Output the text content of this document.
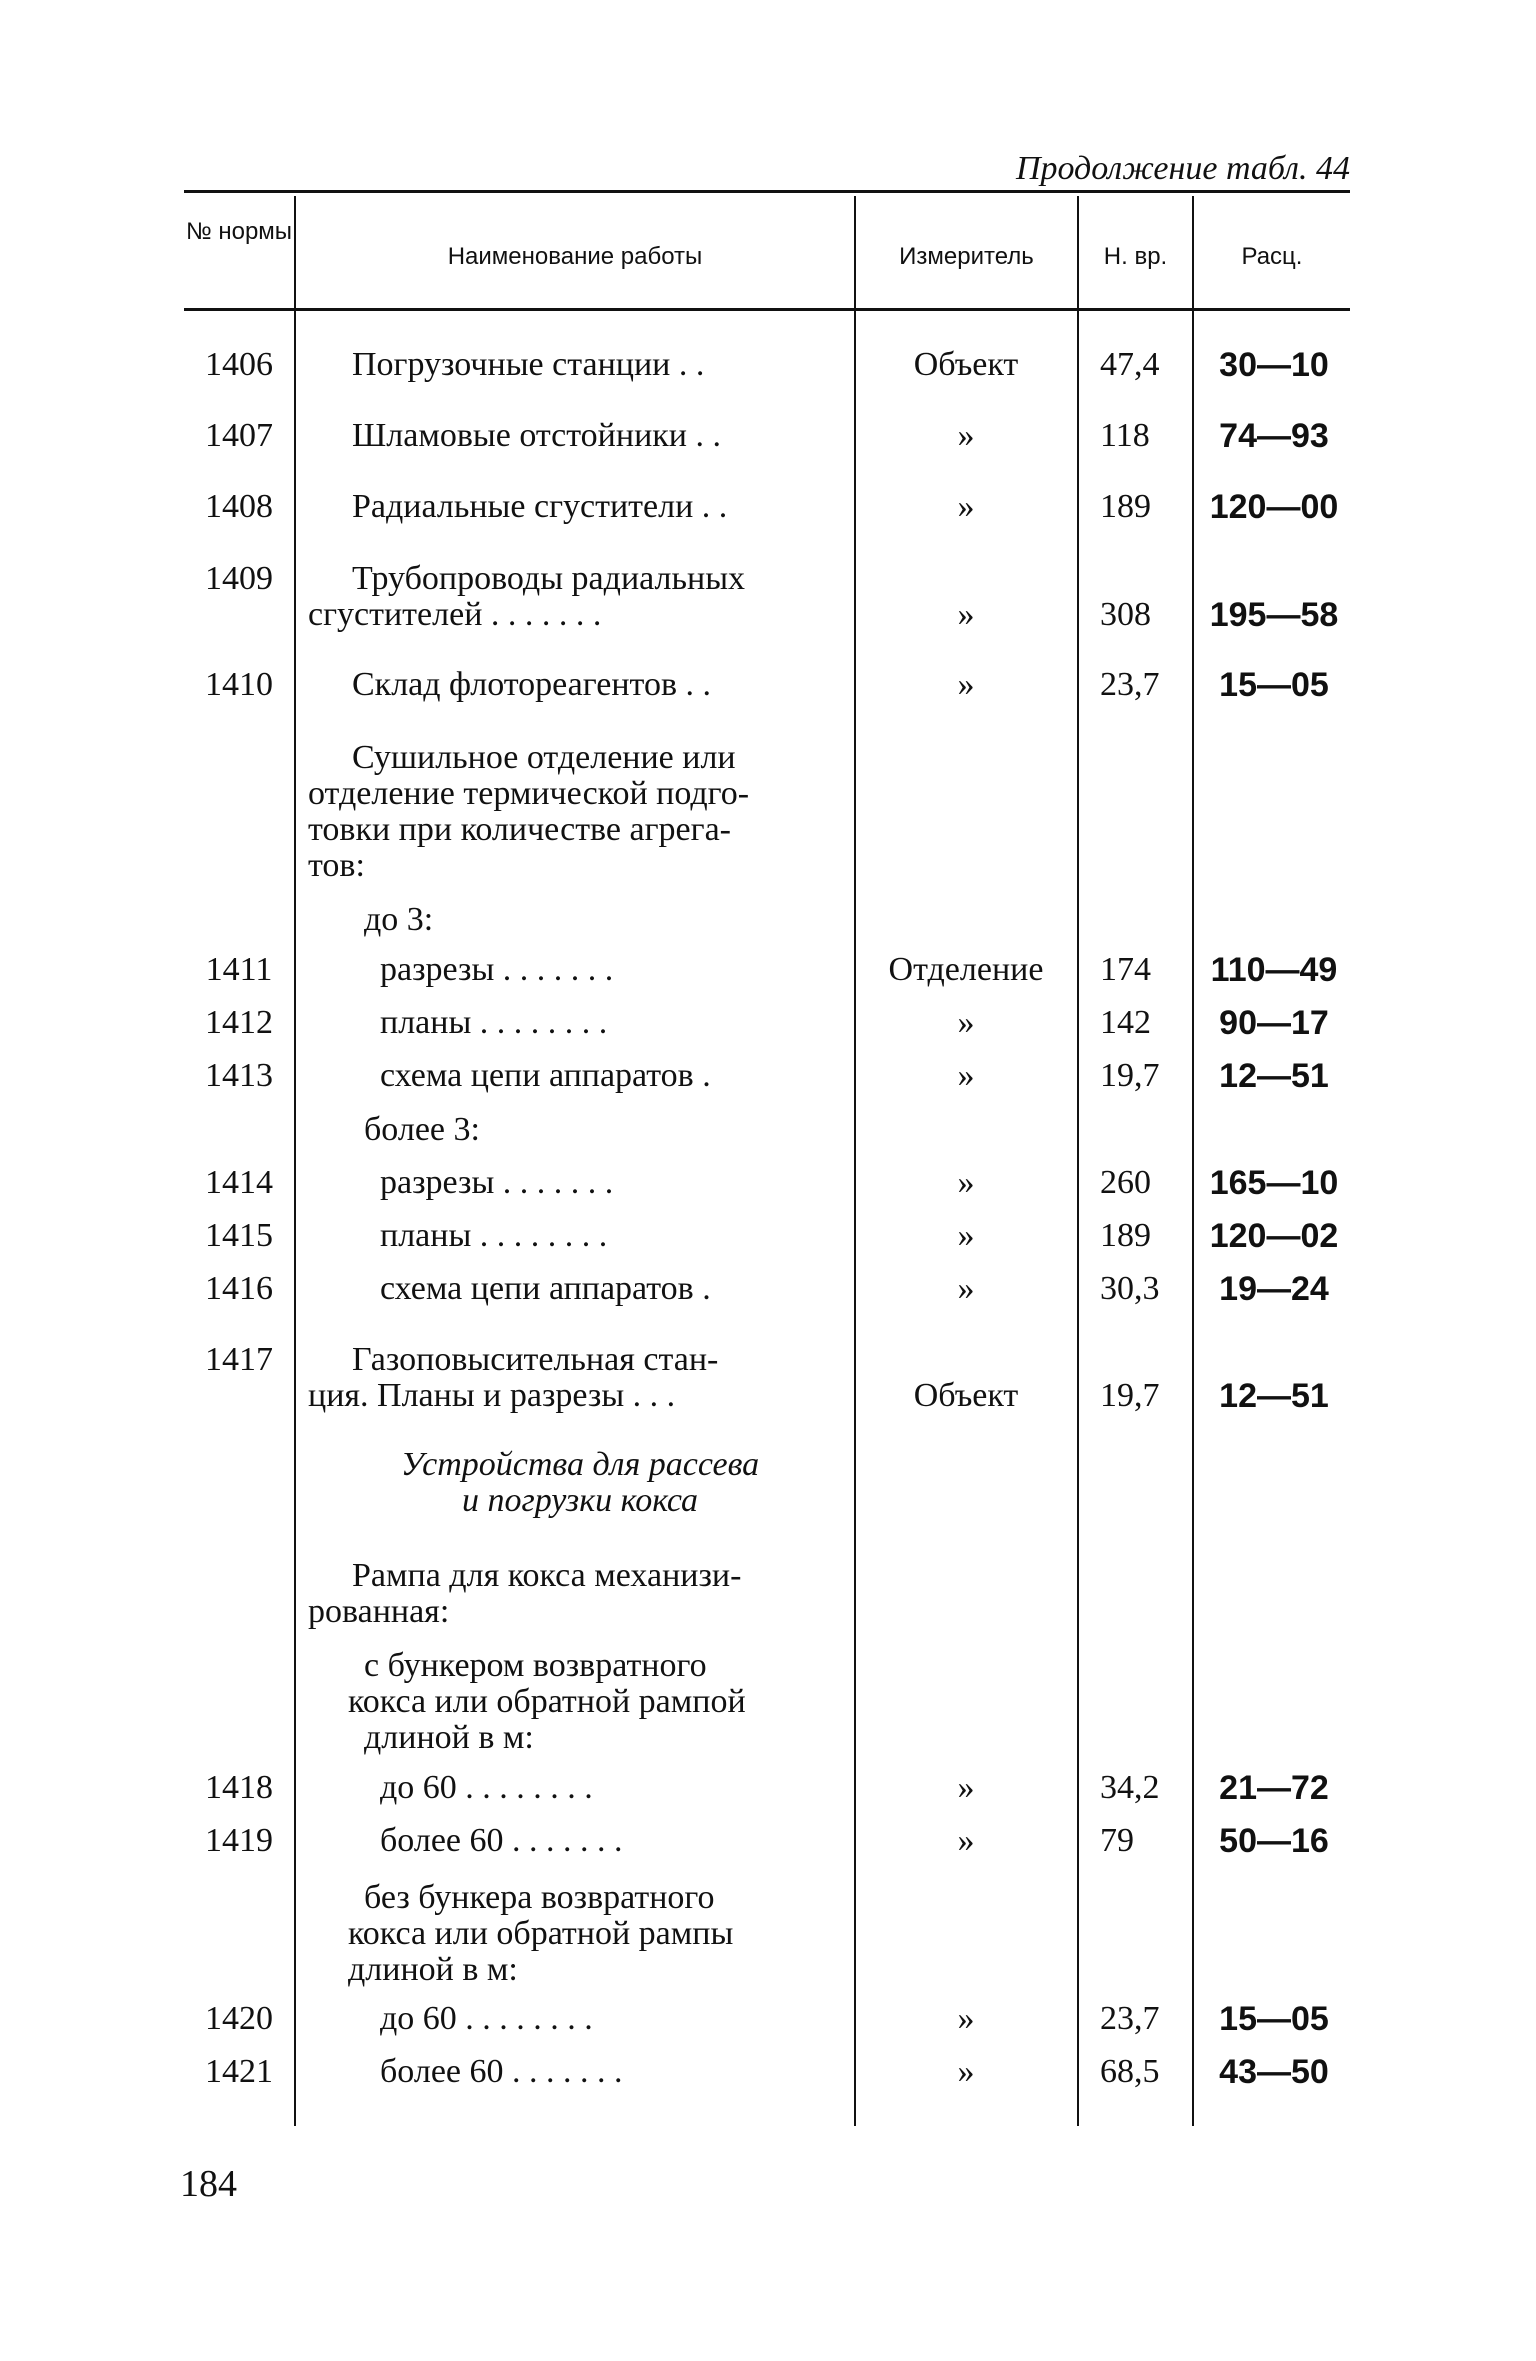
Продолжение табл. 44
№ нормы
Наименование работы	Измеритель	Н. вр.	Расц.
1406	Погрузочные станции . .	Объект	47,4	30—10
1407	Шламовые отстойники . .	»	118	74—93
1408	Радиальные сгустители . .	»	189	120—00
1409	Трубопроводы радиальных
сгустителей . . . . . . .	»	308	195—58
1410	Склад флотореагентов . .	»	23,7	15—05
Сушильное отделение или
отделение термической подго-
товки при количестве агрега-
тов:
до 3:
1411	разрезы . . . . . . .	Отделение	174	110—49
1412	планы . . . . . . . .	»	142	90—17
1413	схема цепи аппаратов .	»	19,7	12—51
более 3:
1414	разрезы . . . . . . .	»	260	165—10
1415	планы . . . . . . . .	»	189	120—02
1416	схема цепи аппаратов .	»	30,3	19—24
1417	Газоповысительная стан-
ция. Планы и разрезы . . .	Объект	19,7	12—51
Устройства для рассева
и погрузки кокса
Рампа для кокса механизи-
рованная:
с бункером возвратного
кокса или обратной рампой
длиной в м:
1418	до 60 . . . . . . . .	»	34,2	21—72
1419	более 60 . . . . . . .	»	79	50—16
без бункера возвратного
кокса или обратной рампы
длиной в м:
1420	до 60 . . . . . . . .	»	23,7	15—05
1421	более 60 . . . . . . .	»	68,5	43—50
184
